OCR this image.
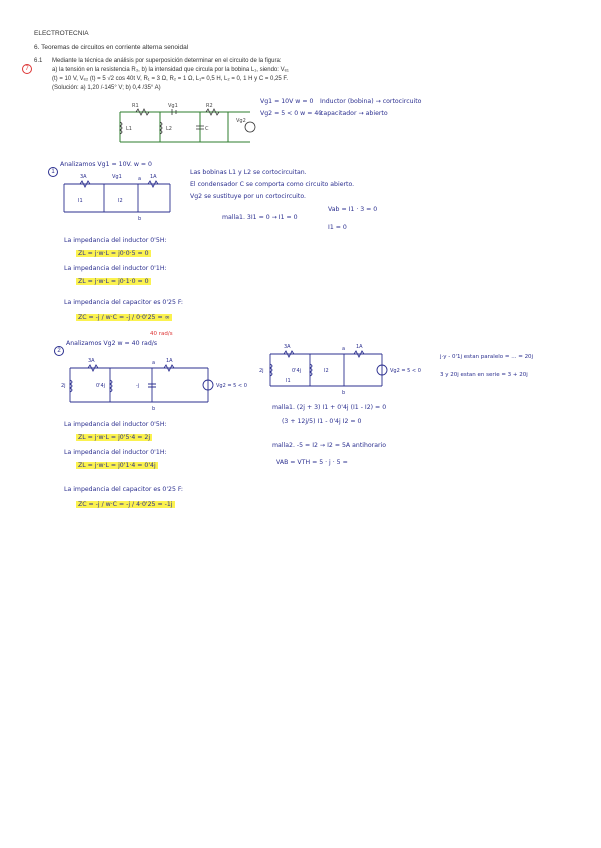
ELECTROTECNIA
6. Teoremas de circuitos en corriente alterna senoidal
7
6.1 Mediante la técnica de análisis por superposición determinar en el circuito de la figura:
a) la tensión en la resistencia R₃, b) la intensidad que circula por la bobina L₁, siendo: Vₑ₁
(t) = 10 V, Vₑ₂ (t) = 5 √2 cos 40t V, R₁ = 3 Ω, R₂ = 1 Ω, L₁= 0,5 H, L₂ = 0, 1 H y C = 0,25 F.
(Solución: a) 1,20 /-145° V; b) 0,4 /35° A)
R1	Vg1	R2
L1	L2	C
Vg2
Vg1 = 10V w = 0
Vg2 = 5 < 0 w = 40
Inductor (bobina) → cortocircuito
capacitador → abierto
1
Analizamos Vg1 = 10V. w = 0
3A	Vg1	a 1A
I1	I2
b
Las bobinas L1 y L2 se cortocircuitan.
El condensador C se comporta como circuito abierto.
Vg2 se sustituye por un cortocircuito.
malla1. 3I1 = 0 → I1 = 0
Vab = I1 · 3 = 0
I1 = 0
La impedancia del inductor 0'5H:
ZL = j·w·L = j0·0·5 = 0
La impedancia del inductor 0'1H:
ZL = j·w·L = j0·1·0 = 0
La impedancia del capacitor es 0'25 F:
ZC = -j / w·C = -j / 0·0'25 = ∞
2
Analizamos Vg2 w = 40 rad/s
40 rad/s
3A	a 1A
2j	0'4j	-j	Vg2 = 5 < 0
b
La impedancia del inductor 0'5H:
ZL = j·w·L = j0'5·4 = 2j
La impedancia del inductor 0'1H:
ZL = j·w·L = j0'1·4 = 0'4j
La impedancia del capacitor es 0'25 F:
ZC = -j / w·C = -j / 4·0'25 = -1j
3A	a 1A
2j	0'4j
I1
I2	Vg2 = 5 < 0
b
j·y - 0'1j estan paralelo = ... = 20j
3 y 20j estan en serie = 3 + 20j
malla1. (2j + 3) I1 + 0'4j (I1 - I2) = 0
(3 + 12j/5) I1 - 0'4j I2 = 0
malla2. -5 = I2 → I2 = 5A antihorario
VAB = VTH = 5 · j · 5 =
